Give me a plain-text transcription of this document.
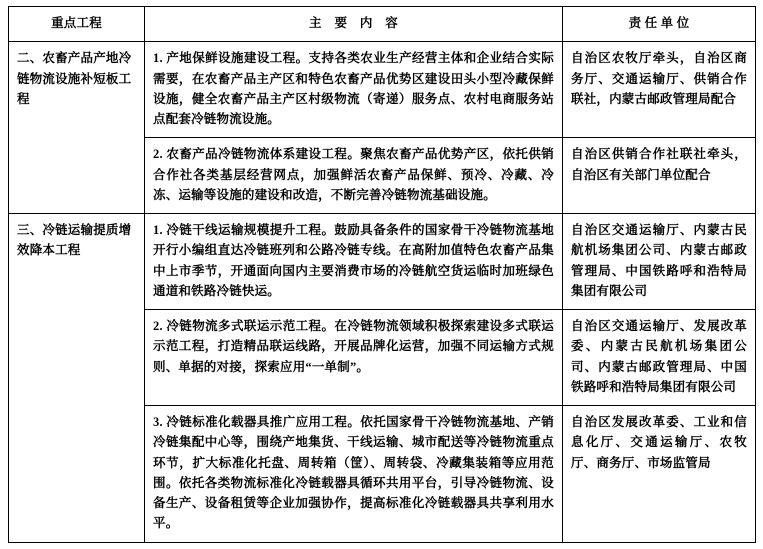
重点工程	主　要　内　容	责 任 单 位
二、农畜产品产地冷链物流设施补短板工程	1. 产地保鲜设施建设工程。支持各类农业生产经营主体和企业结合实际需要，在农畜产品主产区和特色农畜产品优势区建设田头小型冷藏保鲜设施，健全农畜产品主产区村级物流（寄递）服务点、农村电商服务站点配套冷链物流设施。	自治区农牧厅牵头，自治区商务厅、交通运输厅、供销合作联社，内蒙古邮政管理局配合

	2. 农畜产品冷链物流体系建设工程。聚焦农畜产品优势产区，依托供销合作社各类基层经营网点，加强鲜活农畜产品保鲜、预冷、冷藏、冷冻、运输等设施的建设和改造，不断完善冷链物流基础设施。	自治区供销合作社联社牵头，自治区有关部门单位配合

三、冷链运输提质增效降本工程	1. 冷链干线运输规模提升工程。鼓励具备条件的国家骨干冷链物流基地开行小编组直达冷链班列和公路冷链专线。在高附加值特色农畜产品集中上市季节，开通面向国内主要消费市场的冷链航空货运临时加班绿色通道和铁路冷链快运。	自治区交通运输厅、内蒙古民航机场集团公司、内蒙古邮政管理局、中国铁路呼和浩特局集团有限公司

	2. 冷链物流多式联运示范工程。在冷链物流领域积极探索建设多式联运示范工程，打造精品联运线路，开展品牌化运营，加强不同运输方式规则、单据的对接，探索应用“一单制”。	自治区交通运输厅、发展改革委、内蒙古民航机场集团公司、内蒙古邮政管理局、中国铁路呼和浩特局集团有限公司

	3. 冷链标准化载器具推广应用工程。依托国家骨干冷链物流基地、产销冷链集配中心等，围绕产地集货、干线运输、城市配送等冷链物流重点环节，扩大标准化托盘、周转箱（筐）、周转袋、冷藏集装箱等应用范围。依托各类物流标准化冷链载器具循环共用平台，引导冷链物流、设备生产、设备租赁等企业加强协作，提高标准化冷链载器具共享利用水平。	自治区发展改革委、工业和信息化厅、交通运输厅、农牧厅、商务厅、市场监管局
